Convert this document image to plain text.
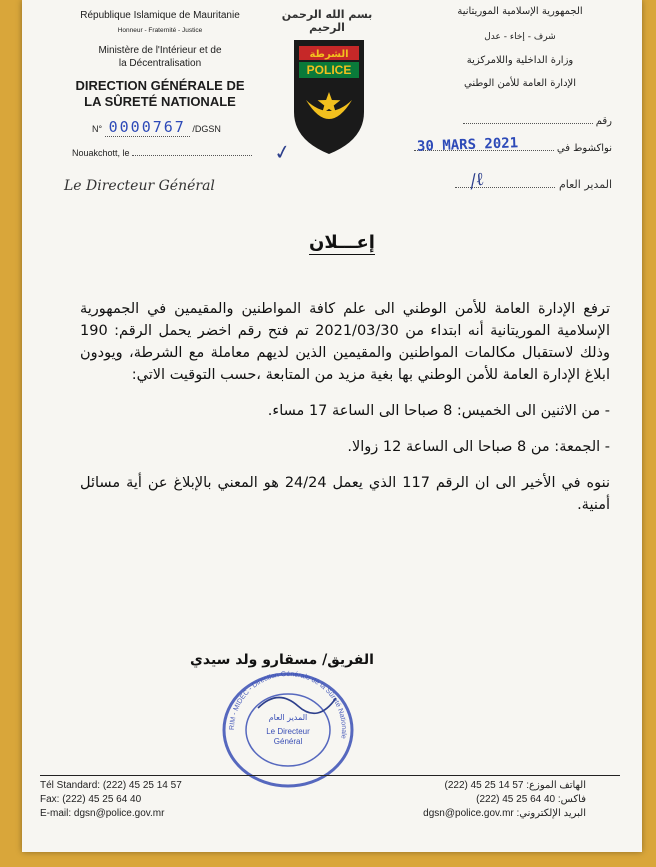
République Islamique de Mauritanie
Honneur - Fraternité - Justice
Ministère de l'Intérieur et de
la Décentralisation
DIRECTION GÉNÉRALE DE
LA SÛRETÉ NATIONALE
N° 0000767 /DGSN
Nouakchott, le	✓
Le Directeur Général
بسم الله الرحمن الرحيم
الجمهورية الإسلامية الموريتانية
شرف - إخاء - عدل
وزارة الداخلية واللامركزية
الإدارة العامة للأمن الوطني
رقم
نواكشوط في
30 MARS 2021
المدير العام
/ℓ
الشرطة
POLICE
إعـــلان

ترفع الإدارة العامة للأمن الوطني الى علم كافة المواطنين والمقيمين في الجمهورية الإسلامية الموريتانية أنه ابتداء من 2021/03/30 تم فتح رقم اخضر يحمل الرقم: 190 وذلك لاستقبال مكالمات المواطنين والمقيمين الذين لديهم معاملة مع الشرطة، ويودون ابلاغ الإدارة العامة للأمن الوطني بها بغية مزيد من المتابعة ،حسب التوقيت الاتي:

- من الاثنين الى الخميس: 8 صباحا الى الساعة 17 مساء.

- الجمعة: من 8 صباحا الى الساعة 12 زوالا.

ننوه في الأخير الى ان الرقم 117 الذي يعمل 24/24 هو المعني بالإبلاغ عن أية مسائل أمنية.

الفريق/ مسقارو ولد سيدي
RIM - MIDEC - Direction Générale de la Sûreté Nationale
المدير العام
Le Directeur
Général
Tél Standard: (222) 45 25 14 57
Fax: (222) 45 25 64 40
E-mail: dgsn@police.gov.mr
الهاتف الموزع: 57 14 25 45 (222)
فاكس: 40 64 25 45 (222)
البريد الإلكتروني: dgsn@police.gov.mr
